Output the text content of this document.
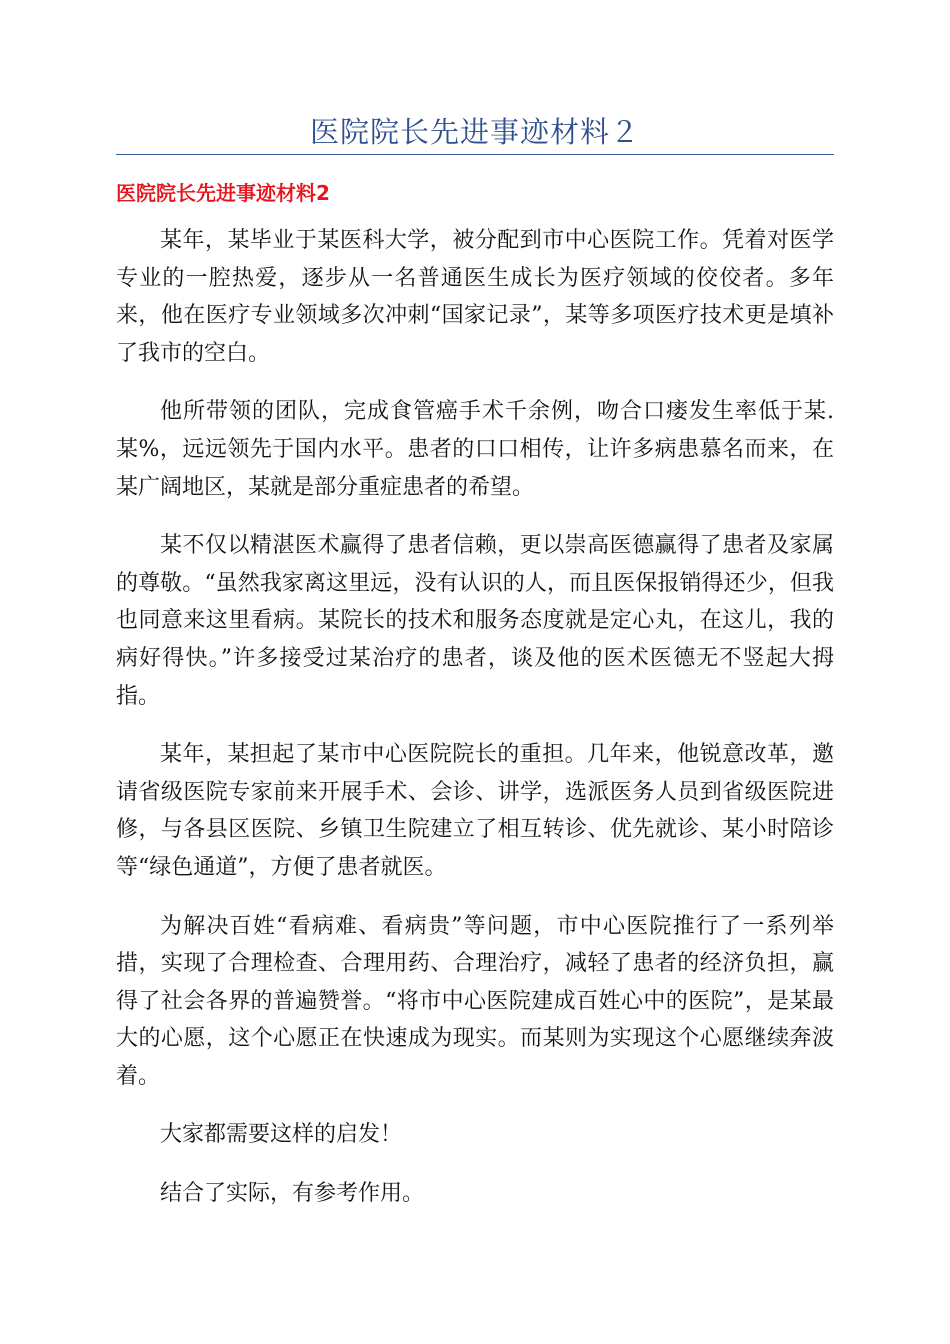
医院院长先进事迹材料２
医院院长先进事迹材料2

某年，某毕业于某医科大学，被分配到市中心医院工作。凭着对医学专业的一腔热爱，逐步从一名普通医生成长为医疗领域的佼佼者。多年来，他在医疗专业领域多次冲刺“国家记录”，某等多项医疗技术更是填补了我市的空白。

他所带领的团队，完成食管癌手术千余例，吻合口瘘发生率低于某.某%，远远领先于国内水平。患者的口口相传，让许多病患慕名而来，在某广阔地区，某就是部分重症患者的希望。

某不仅以精湛医术赢得了患者信赖，更以崇高医德赢得了患者及家属的尊敬。“虽然我家离这里远，没有认识的人，而且医保报销得还少，但我也同意来这里看病。某院长的技术和服务态度就是定心丸，在这儿，我的病好得快。”许多接受过某治疗的患者，谈及他的医术医德无不竖起大拇指。

某年，某担起了某市中心医院院长的重担。几年来，他锐意改革，邀请省级医院专家前来开展手术、会诊、讲学，选派医务人员到省级医院进修，与各县区医院、乡镇卫生院建立了相互转诊、优先就诊、某小时陪诊等“绿色通道”，方便了患者就医。

为解决百姓“看病难、看病贵”等问题，市中心医院推行了一系列举措，实现了合理检查、合理用药、合理治疗，减轻了患者的经济负担，赢得了社会各界的普遍赞誉。“将市中心医院建成百姓心中的医院”，是某最大的心愿，这个心愿正在快速成为现实。而某则为实现这个心愿继续奔波着。

大家都需要这样的启发！

结合了实际，有参考作用。
